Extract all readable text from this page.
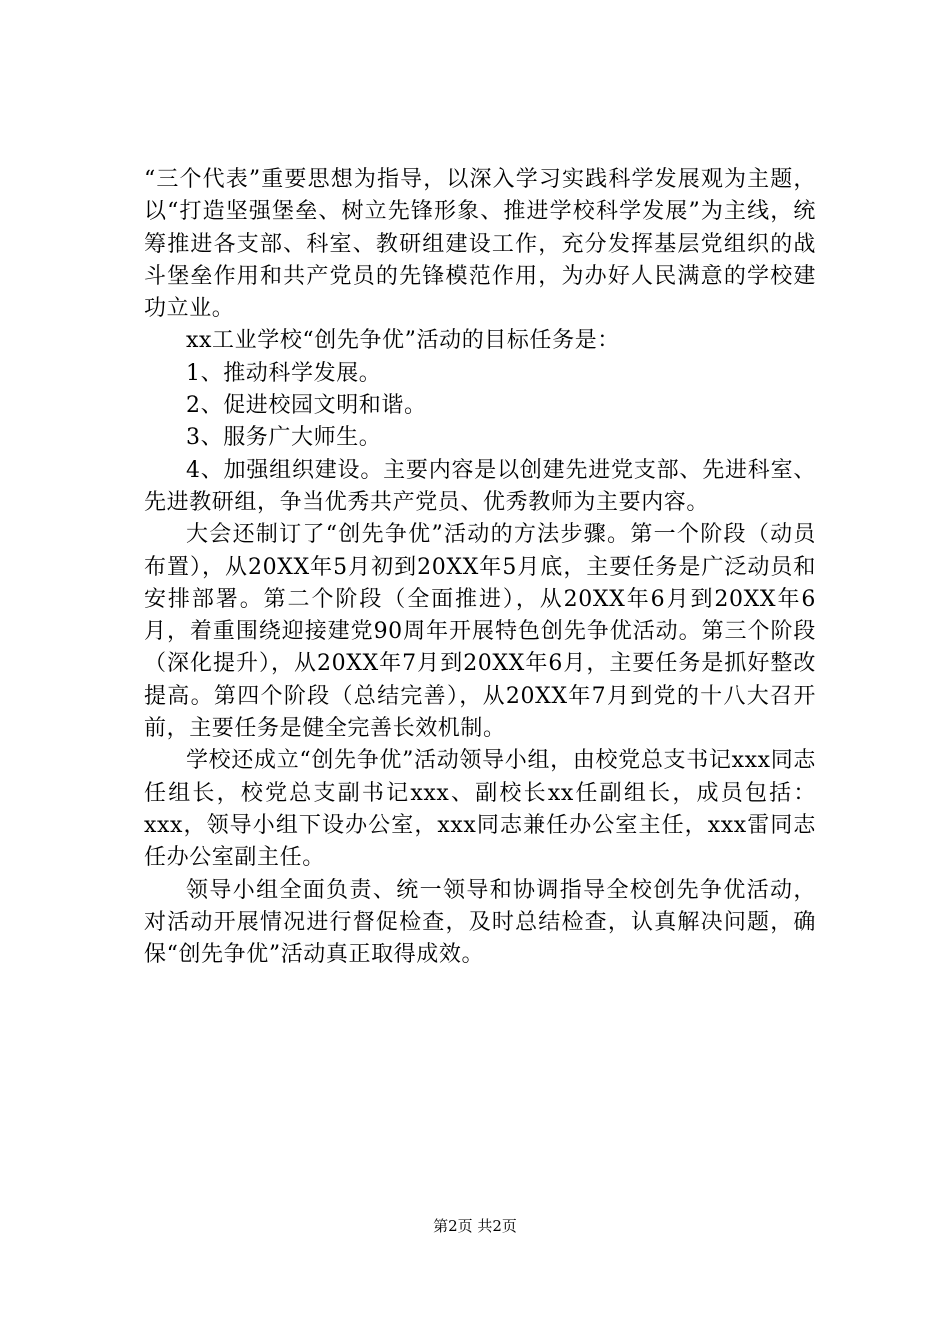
“三个代表”重要思想为指导，以深入学习实践科学发展观为主题，以“打造坚强堡垒、树立先锋形象、推进学校科学发展”为主线，统筹推进各支部、科室、教研组建设工作，充分发挥基层党组织的战斗堡垒作用和共产党员的先锋模范作用，为办好人民满意的学校建功立业。

xx工业学校“创先争优”活动的目标任务是：

1、推动科学发展。

2、促进校园文明和谐。

3、服务广大师生。

4、加强组织建设。主要内容是以创建先进党支部、先进科室、先进教研组，争当优秀共产党员、优秀教师为主要内容。

大会还制订了“创先争优”活动的方法步骤。第一个阶段（动员布置），从20XX年5月初到20XX年5月底，主要任务是广泛动员和安排部署。第二个阶段（全面推进），从20XX年6月到20XX年6月，着重围绕迎接建党90周年开展特色创先争优活动。第三个阶段（深化提升），从20XX年7月到20XX年6月，主要任务是抓好整改提高。第四个阶段（总结完善），从20XX年7月到党的十八大召开前，主要任务是健全完善长效机制。

学校还成立“创先争优”活动领导小组，由校党总支书记xxx同志任组长，校党总支副书记xxx、副校长xx任副组长，成员包括：xxx，领导小组下设办公室，xxx同志兼任办公室主任，xxx雷同志任办公室副主任。

领导小组全面负责、统一领导和协调指导全校创先争优活动，对活动开展情况进行督促检查，及时总结检查，认真解决问题，确保“创先争优”活动真正取得成效。

第2页 共2页
